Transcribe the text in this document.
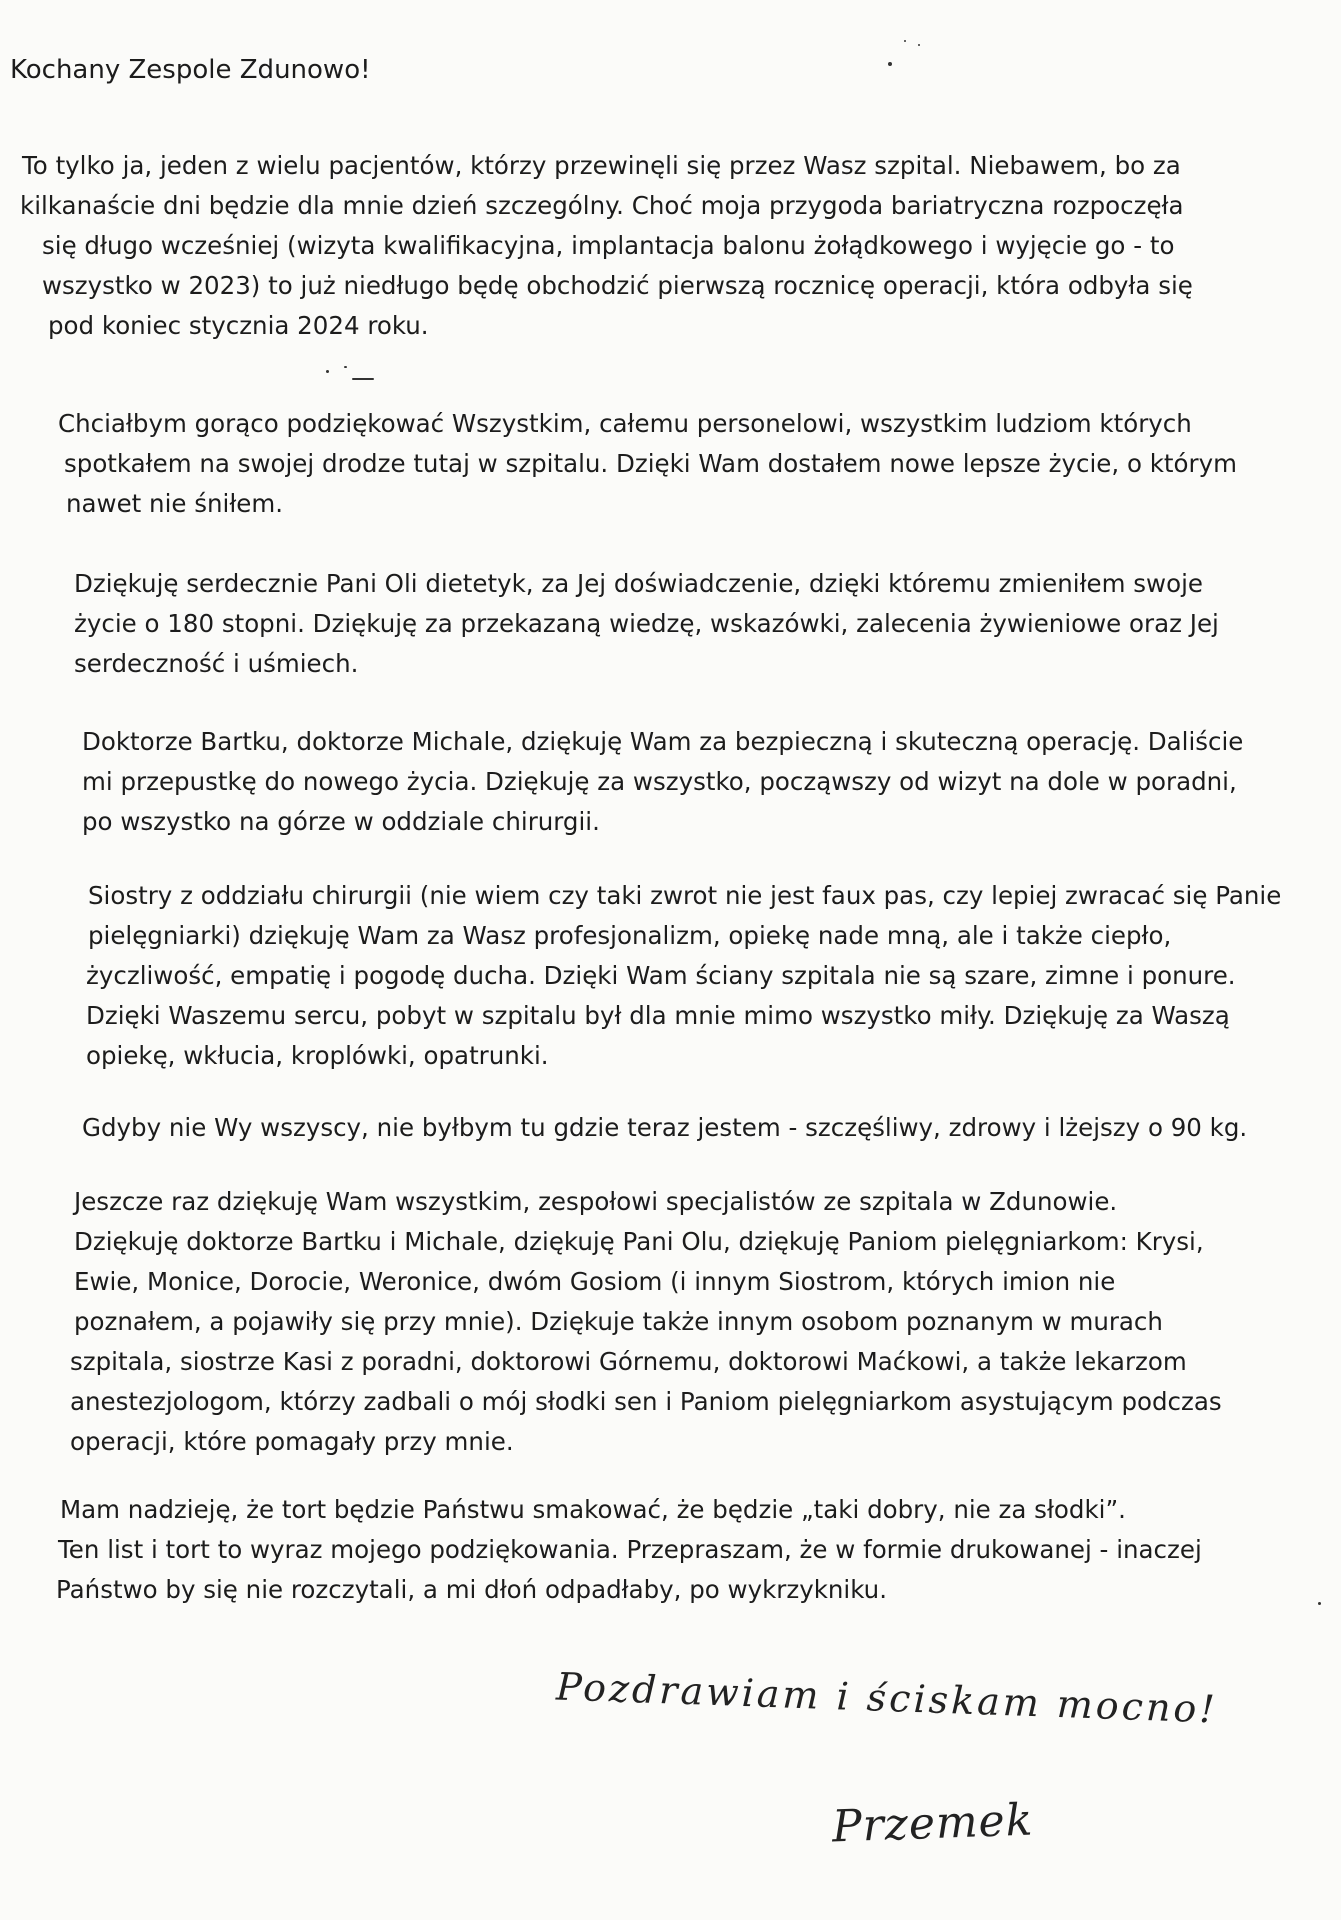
Kochany Zespole Zdunowo!
To tylko ja, jeden z wielu pacjentów, którzy przewinęli się przez Wasz szpital. Niebawem, bo za
kilkanaście dni będzie dla mnie dzień szczególny. Choć moja przygoda bariatryczna rozpoczęła
się długo wcześniej (wizyta kwalifikacyjna, implantacja balonu żołądkowego i wyjęcie go - to
wszystko w 2023) to już niedługo będę obchodzić pierwszą rocznicę operacji, która odbyła się
pod koniec stycznia 2024 roku.
Chciałbym gorąco podziękować Wszystkim, całemu personelowi, wszystkim ludziom których
spotkałem na swojej drodze tutaj w szpitalu. Dzięki Wam dostałem nowe lepsze życie, o którym
nawet nie śniłem.
Dziękuję serdecznie Pani Oli dietetyk, za Jej doświadczenie, dzięki któremu zmieniłem swoje
życie o 180 stopni. Dziękuję za przekazaną wiedzę, wskazówki, zalecenia żywieniowe oraz Jej
serdeczność i uśmiech.
Doktorze Bartku, doktorze Michale, dziękuję Wam za bezpieczną i skuteczną operację. Daliście
mi przepustkę do nowego życia. Dziękuję za wszystko, począwszy od wizyt na dole w poradni,
po wszystko na górze w oddziale chirurgii.
Siostry z oddziału chirurgii (nie wiem czy taki zwrot nie jest faux pas, czy lepiej zwracać się Panie
pielęgniarki) dziękuję Wam za Wasz profesjonalizm, opiekę nade mną, ale i także ciepło,
życzliwość, empatię i pogodę ducha. Dzięki Wam ściany szpitala nie są szare, zimne i ponure.
Dzięki Waszemu sercu, pobyt w szpitalu był dla mnie mimo wszystko miły. Dziękuję za Waszą
opiekę, wkłucia, kroplówki, opatrunki.
Gdyby nie Wy wszyscy, nie byłbym tu gdzie teraz jestem - szczęśliwy, zdrowy i lżejszy o 90 kg.
Jeszcze raz dziękuję Wam wszystkim, zespołowi specjalistów ze szpitala w Zdunowie.
Dziękuję doktorze Bartku i Michale, dziękuję Pani Olu, dziękuję Paniom pielęgniarkom: Krysi,
Ewie, Monice, Dorocie, Weronice, dwóm Gosiom (i innym Siostrom, których imion nie
poznałem, a pojawiły się przy mnie). Dziękuje także innym osobom poznanym w murach
szpitala, siostrze Kasi z poradni, doktorowi Górnemu, doktorowi Maćkowi, a także lekarzom
anestezjologom, którzy zadbali o mój słodki sen i Paniom pielęgniarkom asystującym podczas
operacji, które pomagały przy mnie.
Mam nadzieję, że tort będzie Państwu smakować, że będzie „taki dobry, nie za słodki”.
Ten list i tort to wyraz mojego podziękowania. Przepraszam, że w formie drukowanej - inaczej
Państwo by się nie rozczytali, a mi dłoń odpadłaby, po wykrzykniku.
Pozdrawiam i ściskam mocno!
Przemek
